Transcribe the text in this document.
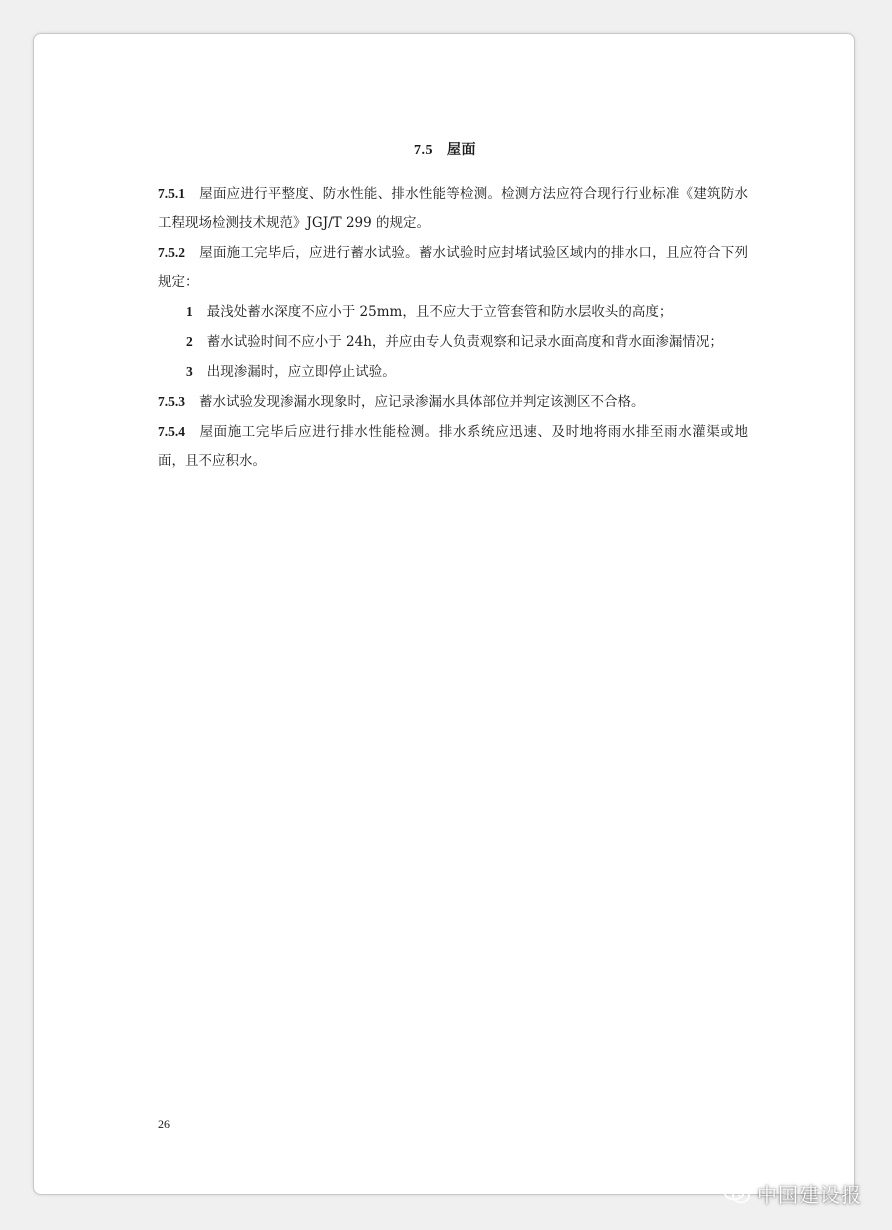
7.5 屋面
7.5.1 屋面应进行平整度、防水性能、排水性能等检测。检测方法应符合现行行业标准《建筑防水工程现场检测技术规范》JGJ/T 299 的规定。
7.5.2 屋面施工完毕后，应进行蓄水试验。蓄水试验时应封堵试验区域内的排水口，且应符合下列规定：
1 最浅处蓄水深度不应小于 25mm，且不应大于立管套管和防水层收头的高度；
2 蓄水试验时间不应小于 24h，并应由专人负责观察和记录水面高度和背水面渗漏情况；
3 出现渗漏时，应立即停止试验。
7.5.3 蓄水试验发现渗漏水现象时，应记录渗漏水具体部位并判定该测区不合格。
7.5.4 屋面施工完毕后应进行排水性能检测。排水系统应迅速、及时地将雨水排至雨水灌渠或地面，且不应积水。
26
中国建设报
